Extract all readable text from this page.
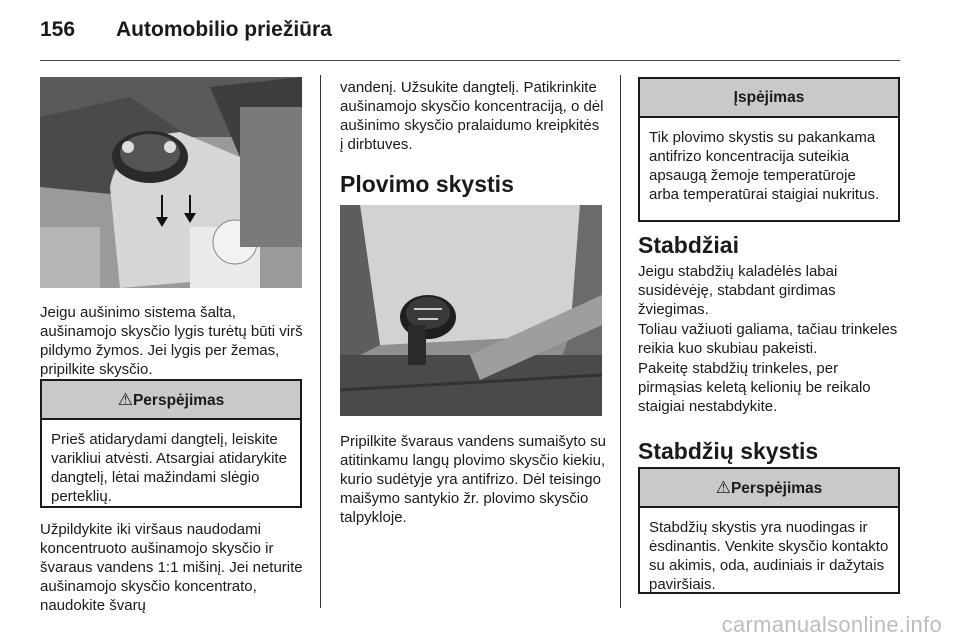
156 Automobilio priežiūra

Jeigu aušinimo sistema šalta, aušinamojo skysčio lygis turėtų būti virš pildymo žymos. Jei lygis per žemas, pripilkite skysčio.

⚠Perspėjimas
Prieš atidarydami dangtelį, leiskite varikliui atvėsti. Atsargiai atidarykite dangtelį, lėtai mažindami slėgio perteklių.

Užpildykite iki viršaus naudodami koncentruoto aušinamojo skysčio ir švaraus vandens 1:1 mišinį. Jei neturite aušinamojo skysčio koncentrato, naudokite švarų

vandenį. Užsukite dangtelį. Patikrinkite aušinamojo skysčio koncentraciją, o dėl aušinimo skysčio pralaidumo kreipkitės į dirbtuves.

Plovimo skystis

Pripilkite švaraus vandens sumaišyto su atitinkamu langų plovimo skysčio kiekiu, kurio sudėtyje yra antifrizo. Dėl teisingo maišymo santykio žr. plovimo skysčio talpykloje.

Įspėjimas
Tik plovimo skystis su pakankama antifrizo koncentracija suteikia apsaugą žemoje temperatūroje arba temperatūrai staigiai nukritus.
Stabdžiai

Jeigu stabdžių kaladėlės labai susidėvėję, stabdant girdimas žviegimas.

Toliau važiuoti galiama, tačiau trinkeles reikia kuo skubiau pakeisti.

Pakeitę stabdžių trinkeles, per pirmąsias keletą kelionių be reikalo staigiai nestabdykite.

Stabdžių skystis
⚠Perspėjimas
Stabdžių skystis yra nuodingas ir ėsdinantis. Venkite skysčio kontakto su akimis, oda, audiniais ir dažytais paviršiais.
carmanualsonline.info
